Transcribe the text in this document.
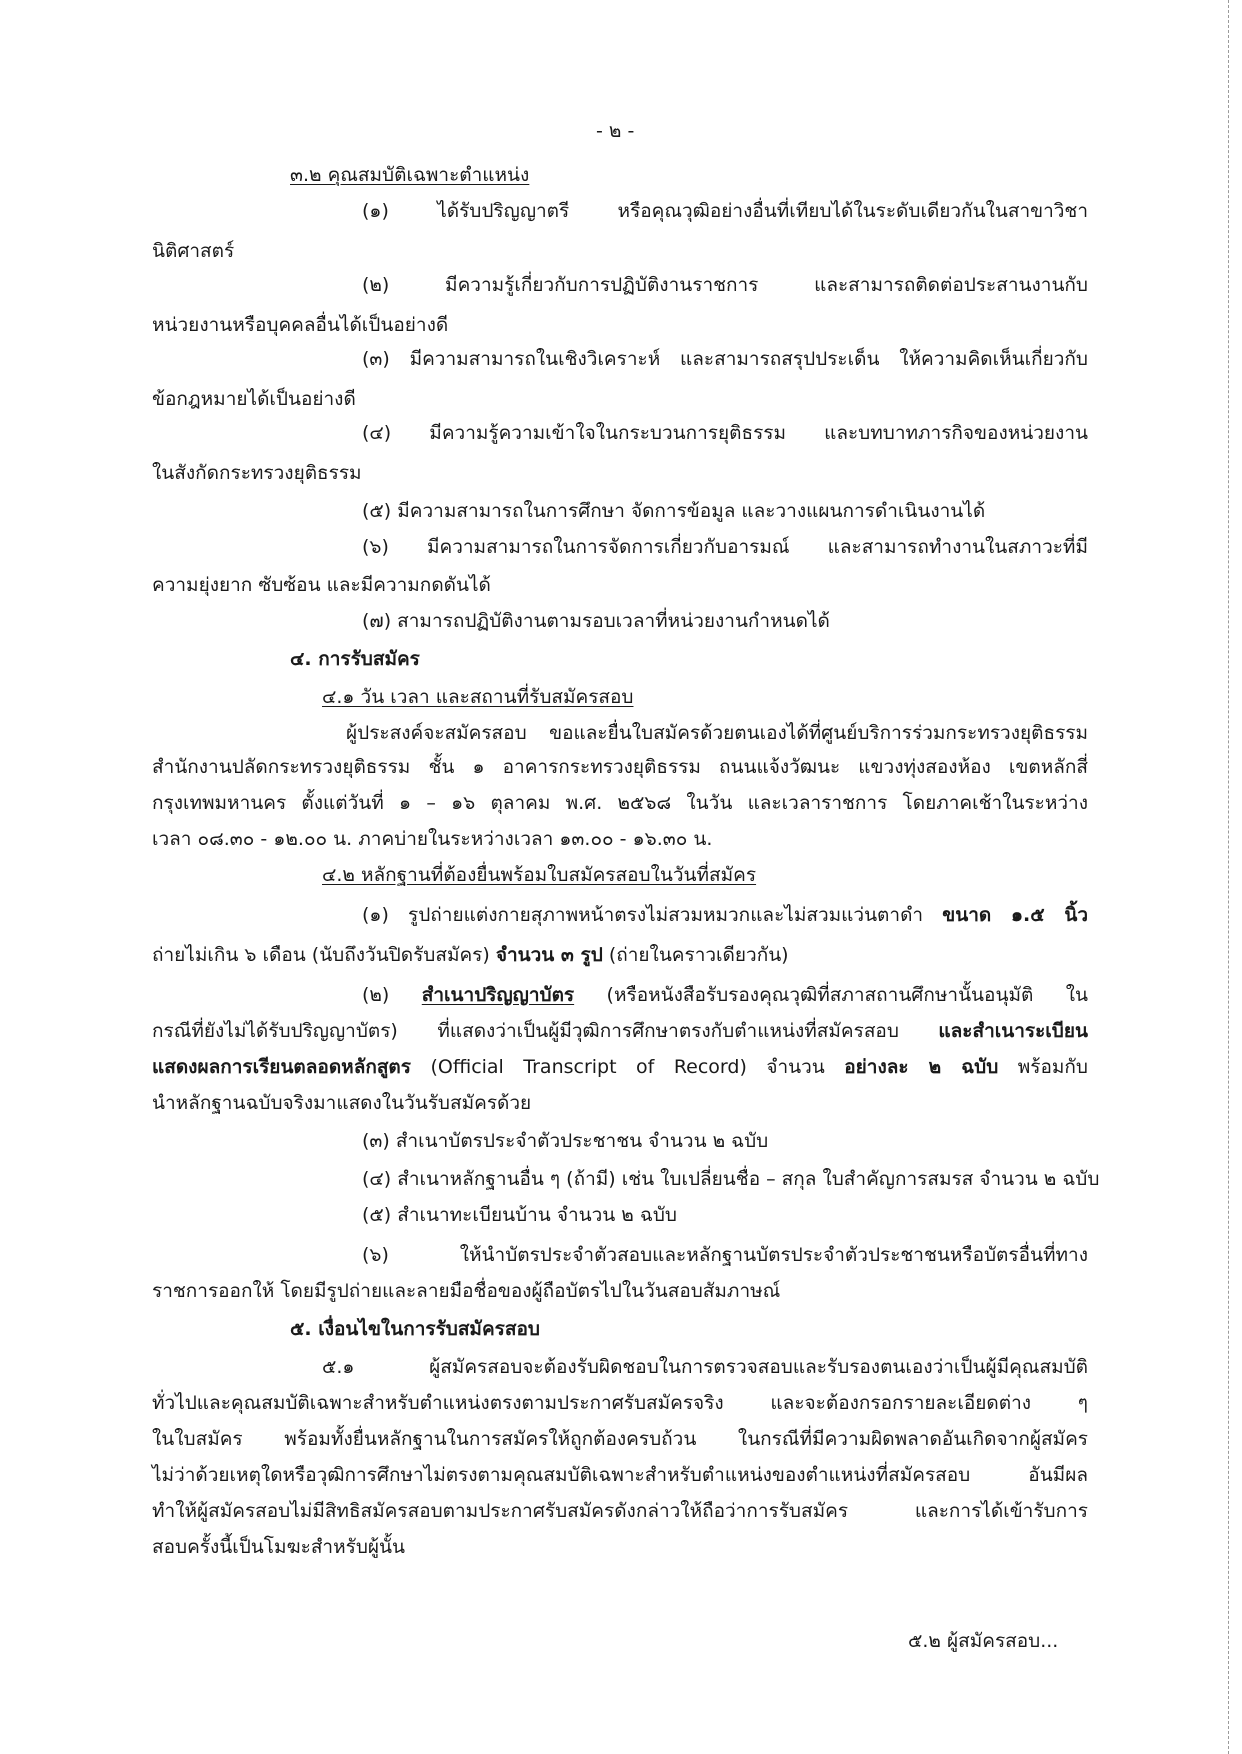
- ๒ -

๓.๒ คุณสมบัติเฉพาะตำแหน่ง

(๑) ได้รับปริญญาตรี หรือคุณวุฒิอย่างอื่นที่เทียบได้ในระดับเดียวกันในสาขาวิชา

นิติศาสตร์

(๒) มีความรู้เกี่ยวกับการปฏิบัติงานราชการ และสามารถติดต่อประสานงานกับ

หน่วยงานหรือบุคคลอื่นได้เป็นอย่างดี

(๓) มีความสามารถในเชิงวิเคราะห์ และสามารถสรุปประเด็น ให้ความคิดเห็นเกี่ยวกับ

ข้อกฎหมายได้เป็นอย่างดี

(๔) มีความรู้ความเข้าใจในกระบวนการยุติธรรม และบทบาทภารกิจของหน่วยงาน

ในสังกัดกระทรวงยุติธรรม

(๕) มีความสามารถในการศึกษา จัดการข้อมูล และวางแผนการดำเนินงานได้

(๖) มีความสามารถในการจัดการเกี่ยวกับอารมณ์ และสามารถทำงานในสภาวะที่มี

ความยุ่งยาก ซับซ้อน และมีความกดดันได้

(๗) สามารถปฏิบัติงานตามรอบเวลาที่หน่วยงานกำหนดได้

๔. การรับสมัคร

๔.๑ วัน เวลา และสถานที่รับสมัครสอบ

ผู้ประสงค์จะสมัครสอบ ขอและยื่นใบสมัครด้วยตนเองได้ที่ศูนย์บริการร่วมกระทรวงยุติธรรม

สำนักงานปลัดกระทรวงยุติธรรม ชั้น ๑ อาคารกระทรวงยุติธรรม ถนนแจ้งวัฒนะ แขวงทุ่งสองห้อง เขตหลักสี่

กรุงเทพมหานคร ตั้งแต่วันที่ ๑ – ๑๖ ตุลาคม พ.ศ. ๒๕๖๘ ในวัน และเวลาราชการ โดยภาคเช้าในระหว่าง

เวลา ๐๘.๓๐ - ๑๒.๐๐ น. ภาคบ่ายในระหว่างเวลา ๑๓.๐๐ - ๑๖.๓๐ น.

๔.๒ หลักฐานที่ต้องยื่นพร้อมใบสมัครสอบในวันที่สมัคร

(๑) รูปถ่ายแต่งกายสุภาพหน้าตรงไม่สวมหมวกและไม่สวมแว่นตาดำ ขนาด ๑.๕ นิ้ว

ถ่ายไม่เกิน ๖ เดือน (นับถึงวันปิดรับสมัคร) จำนวน ๓ รูป (ถ่ายในคราวเดียวกัน)

(๒) สำเนาปริญญาบัตร (หรือหนังสือรับรองคุณวุฒิที่สภาสถานศึกษานั้นอนุมัติ ใน

กรณีที่ยังไม่ได้รับปริญญาบัตร) ที่แสดงว่าเป็นผู้มีวุฒิการศึกษาตรงกับตำแหน่งที่สมัครสอบ และสำเนาระเบียน

แสดงผลการเรียนตลอดหลักสูตร (Official Transcript of Record) จำนวน อย่างละ ๒ ฉบับ พร้อมกับ

นำหลักฐานฉบับจริงมาแสดงในวันรับสมัครด้วย

(๓) สำเนาบัตรประจำตัวประชาชน จำนวน ๒ ฉบับ

(๔) สำเนาหลักฐานอื่น ๆ (ถ้ามี) เช่น ใบเปลี่ยนชื่อ – สกุล ใบสำคัญการสมรส จำนวน ๒ ฉบับ

(๕) สำเนาทะเบียนบ้าน จำนวน ๒ ฉบับ

(๖) ให้นำบัตรประจำตัวสอบและหลักฐานบัตรประจำตัวประชาชนหรือบัตรอื่นที่ทาง

ราชการออกให้ โดยมีรูปถ่ายและลายมือชื่อของผู้ถือบัตรไปในวันสอบสัมภาษณ์

๕. เงื่อนไขในการรับสมัครสอบ

๕.๑ ผู้สมัครสอบจะต้องรับผิดชอบในการตรวจสอบและรับรองตนเองว่าเป็นผู้มีคุณสมบัติ

ทั่วไปและคุณสมบัติเฉพาะสำหรับตำแหน่งตรงตามประกาศรับสมัครจริง และจะต้องกรอกรายละเอียดต่าง ๆ

ในใบสมัคร พร้อมทั้งยื่นหลักฐานในการสมัครให้ถูกต้องครบถ้วน ในกรณีที่มีความผิดพลาดอันเกิดจากผู้สมัคร

ไม่ว่าด้วยเหตุใดหรือวุฒิการศึกษาไม่ตรงตามคุณสมบัติเฉพาะสำหรับตำแหน่งของตำแหน่งที่สมัครสอบ อันมีผล

ทำให้ผู้สมัครสอบไม่มีสิทธิสมัครสอบตามประกาศรับสมัครดังกล่าวให้ถือว่าการรับสมัคร และการได้เข้ารับการ

สอบครั้งนี้เป็นโมฆะสำหรับผู้นั้น

๕.๒ ผู้สมัครสอบ...
